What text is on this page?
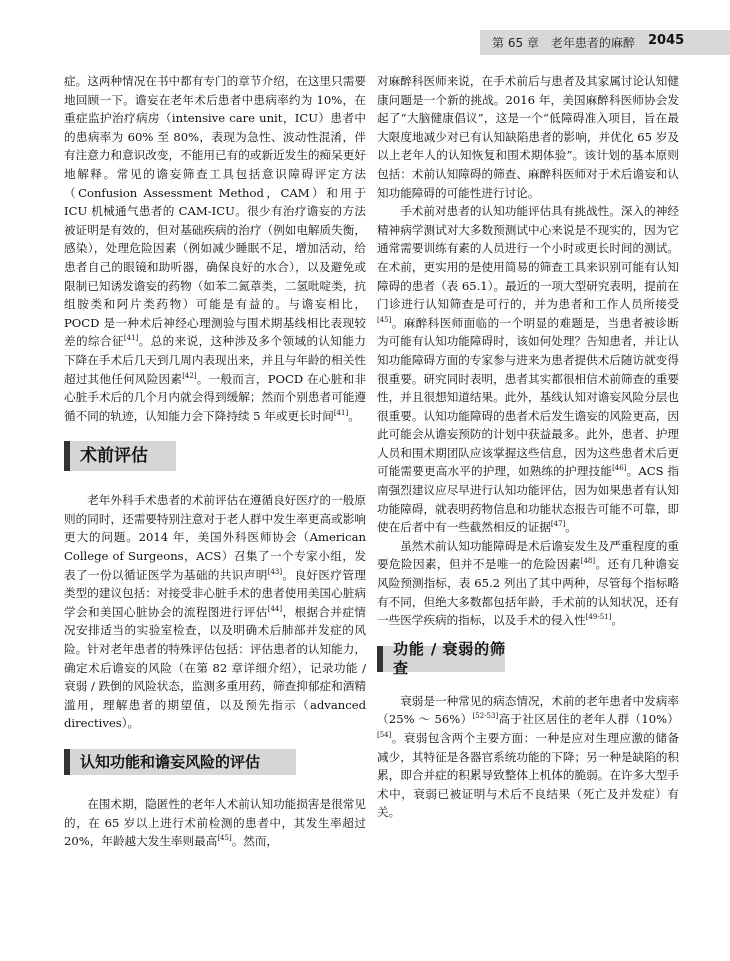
第 65 章　老年患者的麻醉 2045

症。这两种情况在书中都有专门的章节介绍，在这里只需要地回顾一下。谵妄在老年术后患者中患病率约为 10%，在重症监护治疗病房（intensive care unit，ICU）患者中的患病率为 60% 至 80%，表现为急性、波动性混淆，伴有注意力和意识改变，不能用已有的或新近发生的痴呆更好地解释。常见的谵妄筛查工具包括意识障碍评定方法（Confusion Assessment Method，CAM）和用于 ICU 机械通气患者的 CAM-ICU。很少有治疗谵妄的方法被证明是有效的，但对基础疾病的治疗（例如电解质失衡，感染），处理危险因素（例如减少睡眠不足，增加活动，给患者自己的眼镜和助听器，确保良好的水合），以及避免或限制已知诱发谵妄的药物（如苯二氮䓬类，二氢吡啶类，抗组胺类和阿片类药物）可能是有益的。与谵妄相比，POCD 是一种术后神经心理测验与围术期基线相比表现较差的综合征[41]。总的来说，这种涉及多个领域的认知能力下降在手术后几天到几周内表现出来，并且与年龄的相关性超过其他任何风险因素[42]。一般而言，POCD 在心脏和非心脏手术后的几个月内就会得到缓解；然而个别患者可能遵循不同的轨迹，认知能力会下降持续 5 年或更长时间[41]。

术前评估

老年外科手术患者的术前评估在遵循良好医疗的一般原则的同时，还需要特别注意对于老人群中发生率更高或影响更大的问题。2014 年，美国外科医师协会（American College of Surgeons，ACS）召集了一个专家小组，发表了一份以循证医学为基础的共识声明[43]。良好医疗管理类型的建议包括：对接受非心脏手术的患者使用美国心脏病学会和美国心脏协会的流程图进行评估[44]，根据合并症情况安排适当的实验室检查，以及明确术后肺部并发症的风险。针对老年患者的特殊评估包括：评估患者的认知能力，确定术后谵妄的风险（在第 82 章详细介绍），记录功能 / 衰弱 / 跌倒的风险状态，监测多重用药，筛查抑郁症和酒精滥用，理解患者的期望值，以及预先指示（advanced directives）。

认知功能和谵妄风险的评估

在围术期，隐匿性的老年人术前认知功能损害是很常见的，在 65 岁以上进行术前检测的患者中，其发生率超过 20%，年龄越大发生率则最高[45]。然而，

对麻醉科医师来说，在手术前后与患者及其家属讨论认知健康问题是一个新的挑战。2016 年，美国麻醉科医师协会发起了“大脑健康倡议”，这是一个“低障碍准入项目，旨在最大限度地减少对已有认知缺陷患者的影响，并优化 65 岁及以上老年人的认知恢复和围术期体验”。该计划的基本原则包括：术前认知障碍的筛查、麻醉科医师对于术后谵妄和认知功能障碍的可能性进行讨论。

手术前对患者的认知功能评估具有挑战性。深入的神经精神病学测试对大多数预测试中心来说是不现实的，因为它通常需要训练有素的人员进行一个小时或更长时间的测试。在术前，更实用的是使用简易的筛查工具来识别可能有认知障碍的患者（表 65.1）。最近的一项大型研究表明，提前在门诊进行认知筛查是可行的，并为患者和工作人员所接受[45]。麻醉科医师面临的一个明显的难题是，当患者被诊断为可能有认知功能障碍时，该如何处理？告知患者，并让认知功能障碍方面的专家参与进来为患者提供术后随访就变得很重要。研究同时表明，患者其实都很相信术前筛查的重要性，并且很想知道结果。此外，基线认知对谵妄风险分层也很重要。认知功能障碍的患者术后发生谵妄的风险更高，因此可能会从谵妄预防的计划中获益最多。此外，患者、护理人员和围术期团队应该掌握这些信息，因为这些患者术后更可能需要更高水平的护理，如熟练的护理技能[46]。ACS 指南强烈建议应尽早进行认知功能评估，因为如果患者有认知功能障碍，就表明药物信息和功能状态报告可能不可靠，即使在后者中有一些截然相反的证据[47]。

虽然术前认知功能障碍是术后谵妄发生及严重程度的重要危险因素，但并不是唯一的危险因素[48]。还有几种谵妄风险预测指标，表 65.2 列出了其中两种，尽管每个指标略有不同，但绝大多数都包括年龄，手术前的认知状况，还有一些医学疾病的指标，以及手术的侵入性[49-51]。

功能 / 衰弱的筛查

衰弱是一种常见的病态情况，术前的老年患者中发病率（25% ～ 56%）[52-53]高于社区居住的老年人群（10%）[54]。衰弱包含两个主要方面：一种是应对生理应激的储备减少，其特征是各器官系统功能的下降；另一种是缺陷的积累，即合并症的积累导致整体上机体的脆弱。在许多大型手术中，衰弱已被证明与术后不良结果（死亡及并发症）有关。
